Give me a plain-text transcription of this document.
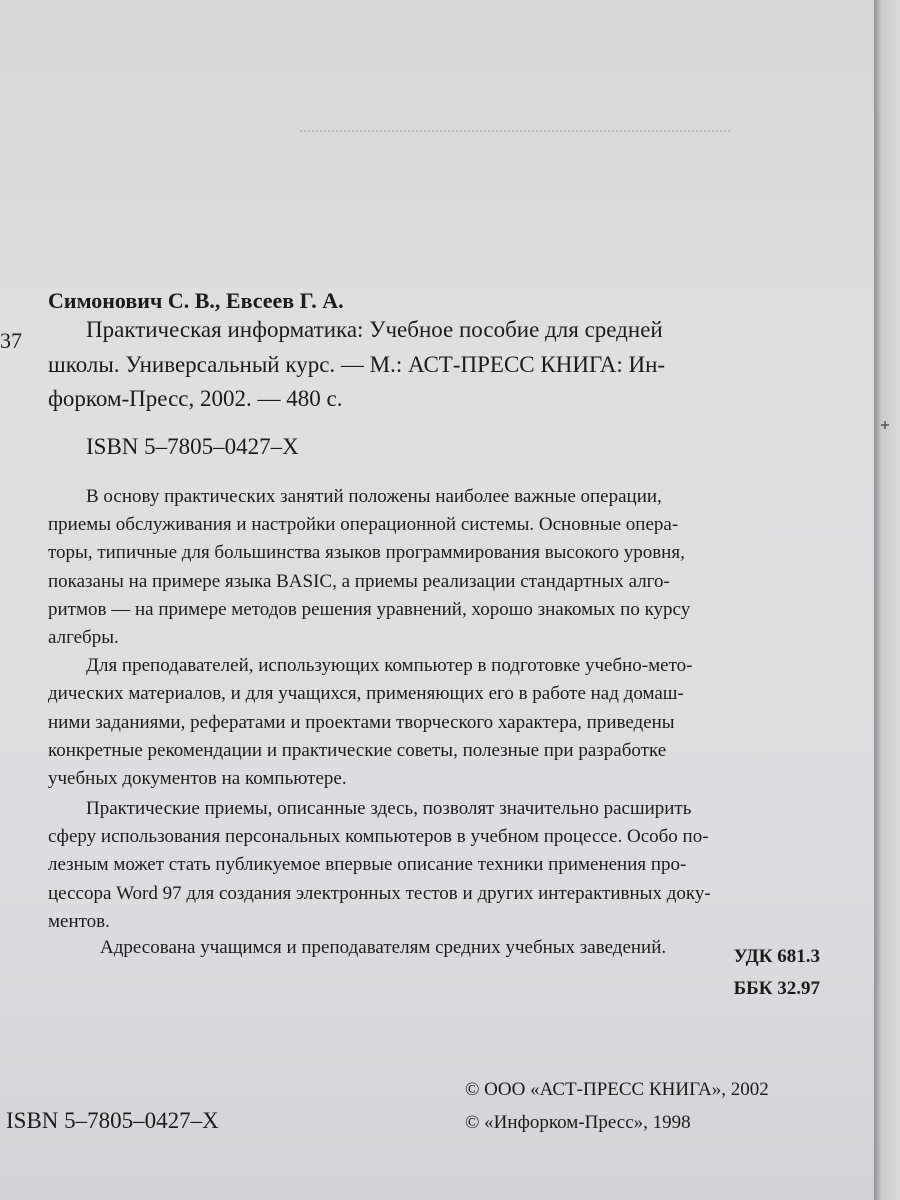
Симонович С. В., Евсеев Г. А.
37	Практическая информатика: Учебное пособие для средней
школы. Универсальный курс. — М.: АСТ-ПРЕСС КНИГА: Ин-
форком-Пресс, 2002. — 480 с.
ISBN 5–7805–0427–X
В основу практических занятий положены наиболее важные операции,
приемы обслуживания и настройки операционной системы. Основные опера-
торы, типичные для большинства языков программирования высокого уровня,
показаны на примере языка BASIC, а приемы реализации стандартных алго-
ритмов — на примере методов решения уравнений, хорошо знакомых по курсу
алгебры.
Для преподавателей, использующих компьютер в подготовке учебно-мето-
дических материалов, и для учащихся, применяющих его в работе над домаш-
ними заданиями, рефератами и проектами творческого характера, приведены
конкретные рекомендации и практические советы, полезные при разработке
учебных документов на компьютере.
Практические приемы, описанные здесь, позволят значительно расширить
сферу использования персональных компьютеров в учебном процессе. Особо по-
лезным может стать публикуемое впервые описание техники применения про-
цессора Word 97 для создания электронных тестов и других интерактивных доку-
ментов.
Адресована учащимся и преподавателям средних учебных заведений.	УДК 681.3
ББК 32.97
© ООО «АСТ-ПРЕСС КНИГА», 2002
© «Инфорком-Пресс», 1998
ISBN 5–7805–0427–X
